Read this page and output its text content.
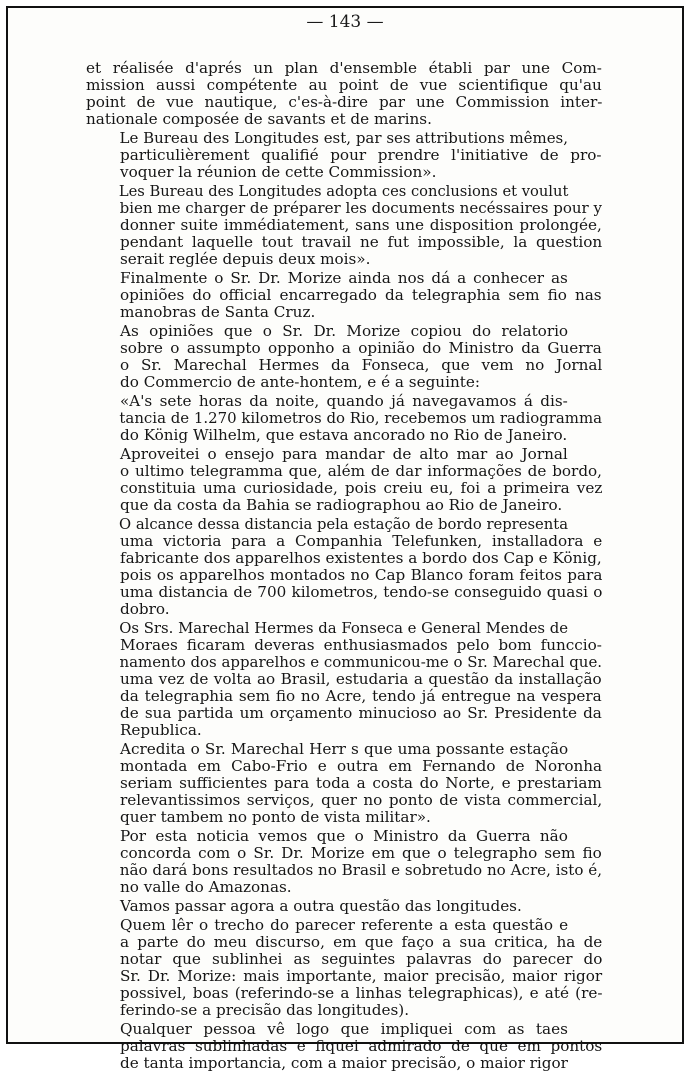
— 143 —

et réalisée d'aprés un plan d'ensemble établi par une Com-
mission aussi compétente au point de vue scientifique qu'au
point de vue nautique, c'es-à-dire par une Commission inter-
nationale composée de savants et de marins.

Le Bureau des Longitudes est, par ses attributions mêmes,
particulièrement qualifié pour prendre l'initiative de pro-
voquer la réunion de cette Commission».

Les Bureau des Longitudes adopta ces conclusions et voulut
bien me charger de préparer les documents necéssaires pour y
donner suite immédiatement, sans une disposition prolongée,
pendant laquelle tout travail ne fut impossible, la question
serait reglée depuis deux mois».

Finalmente o Sr. Dr. Morize ainda nos dá a conhecer as
opiniões do official encarregado da telegraphia sem fio nas
manobras de Santa Cruz.

As opiniões que o Sr. Dr. Morize copiou do relatorio
sobre o assumpto opponho a opinião do Ministro da Guerra
o Sr. Marechal Hermes da Fonseca, que vem no Jornal
do Commercio de ante-hontem, e é a seguinte:

«A's sete horas da noite, quando já navegavamos á dis-
tancia de 1.270 kilometros do Rio, recebemos um radiogramma
do König Wilhelm, que estava ancorado no Rio de Janeiro.

Aproveitei o ensejo para mandar de alto mar ao Jornal
o ultimo telegramma que, além de dar informações de bordo,
constituia uma curiosidade, pois creiu eu, foi a primeira vez
que da costa da Bahia se radiographou ao Rio de Janeiro.

O alcance dessa distancia pela estação de bordo representa
uma victoria para a Companhia Telefunken, installadora e
fabricante dos apparelhos existentes a bordo dos Cap e König,
pois os apparelhos montados no Cap Blanco foram feitos para
uma distancia de 700 kilometros, tendo-se conseguido quasi o
dobro.

Os Srs. Marechal Hermes da Fonseca e General Mendes de
Moraes ficaram deveras enthusiasmados pelo bom funccio-
namento dos apparelhos e communicou-me o Sr. Marechal que.
uma vez de volta ao Brasil, estudaria a questão da installação
da telegraphia sem fio no Acre, tendo já entregue na vespera
de sua partida um orçamento minucioso ao Sr. Presidente da
Republica.

Acredita o Sr. Marechal Herr s que uma possante estação
montada em Cabo-Frio e outra em Fernando de Noronha
seriam sufficientes para toda a costa do Norte, e prestariam
relevantissimos serviços, quer no ponto de vista commercial,
quer tambem no ponto de vista militar».

Por esta noticia vemos que o Ministro da Guerra não
concorda com o Sr. Dr. Morize em que o telegrapho sem fio
não dará bons resultados no Brasil e sobretudo no Acre, isto é,
no valle do Amazonas.

Vamos passar agora a outra questão das longitudes.

Quem lêr o trecho do parecer referente a esta questão e
a parte do meu discurso, em que faço a sua critica, ha de
notar que sublinhei as seguintes palavras do parecer do
Sr. Dr. Morize: mais importante, maior precisão, maior rigor
possivel, boas (referindo-se a linhas telegraphicas), e até (re-
ferindo-se a precisão das longitudes).

Qualquer pessoa vê logo que impliquei com as taes
palavras sublinhadas e fiquei admirado de que em pontos
de tanta importancia, com a maior precisão, o maior rigor
